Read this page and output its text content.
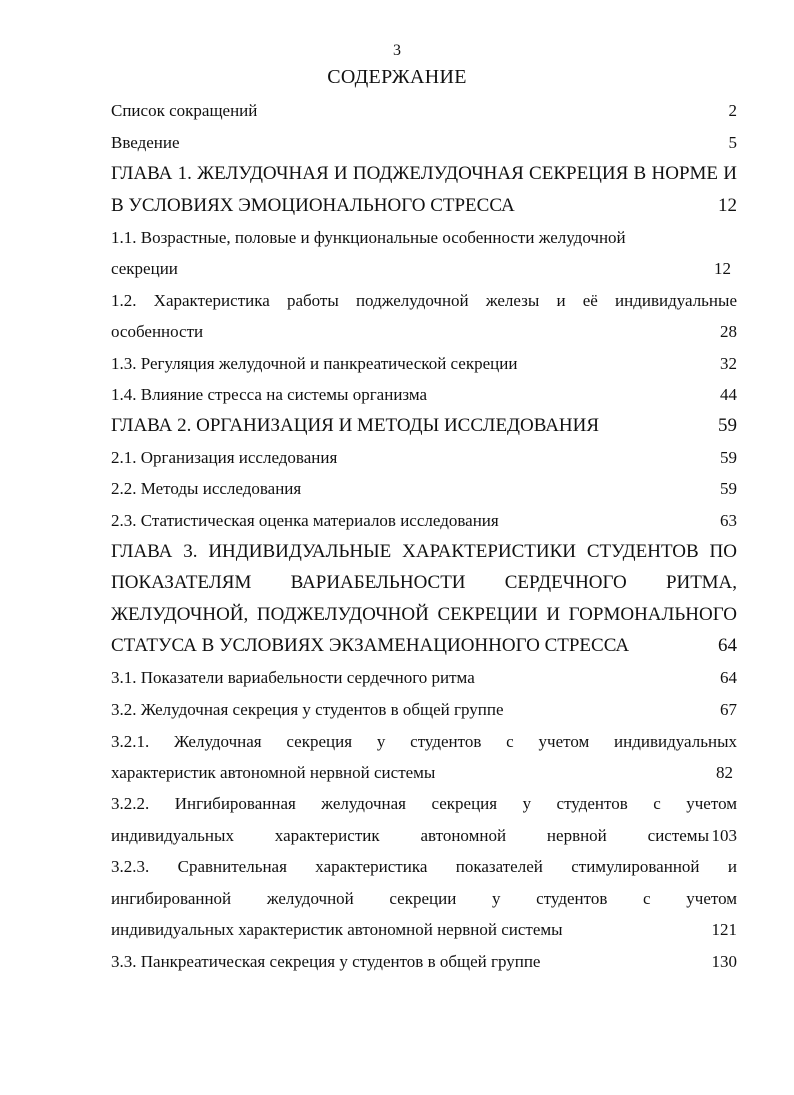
3
СОДЕРЖАНИЕ
Список сокращений	2
Введение	5
ГЛАВА 1. ЖЕЛУДОЧНАЯ И ПОДЖЕЛУДОЧНАЯ СЕКРЕЦИЯ В НОРМЕ И
В УСЛОВИЯХ ЭМОЦИОНАЛЬНОГО СТРЕССА	12
1.1. Возрастные, половые и функциональные особенности желудочной
секреции	12
1.2. Характеристика работы поджелудочной железы и её индивидуальные
особенности	28
1.3. Регуляция желудочной и панкреатической секреции	32
1.4. Влияние стресса на системы организма	44
ГЛАВА 2. ОРГАНИЗАЦИЯ И МЕТОДЫ ИССЛЕДОВАНИЯ	59
2.1. Организация исследования	59
2.2. Методы исследования	59
2.3. Статистическая оценка материалов исследования	63
ГЛАВА 3. ИНДИВИДУАЛЬНЫЕ ХАРАКТЕРИСТИКИ СТУДЕНТОВ ПО
ПОКАЗАТЕЛЯМ ВАРИАБЕЛЬНОСТИ СЕРДЕЧНОГО РИТМА,
ЖЕЛУДОЧНОЙ, ПОДЖЕЛУДОЧНОЙ СЕКРЕЦИИ И ГОРМОНАЛЬНОГО
СТАТУСА В УСЛОВИЯХ ЭКЗАМЕНАЦИОННОГО СТРЕССА	64
3.1. Показатели вариабельности сердечного ритма	64
3.2. Желудочная секреция у студентов в общей группе	67
3.2.1. Желудочная секреция у студентов с учетом индивидуальных
характеристик автономной нервной системы	82
3.2.2. Ингибированная желудочная секреция у студентов с учетом
индивидуальных характеристик автономной нервной системы 103
3.2.3. Сравнительная характеристика показателей стимулированной и
ингибированной желудочной секреции у студентов с учетом
индивидуальных характеристик автономной нервной системы	121
3.3. Панкреатическая секреция у студентов в общей группе	130
